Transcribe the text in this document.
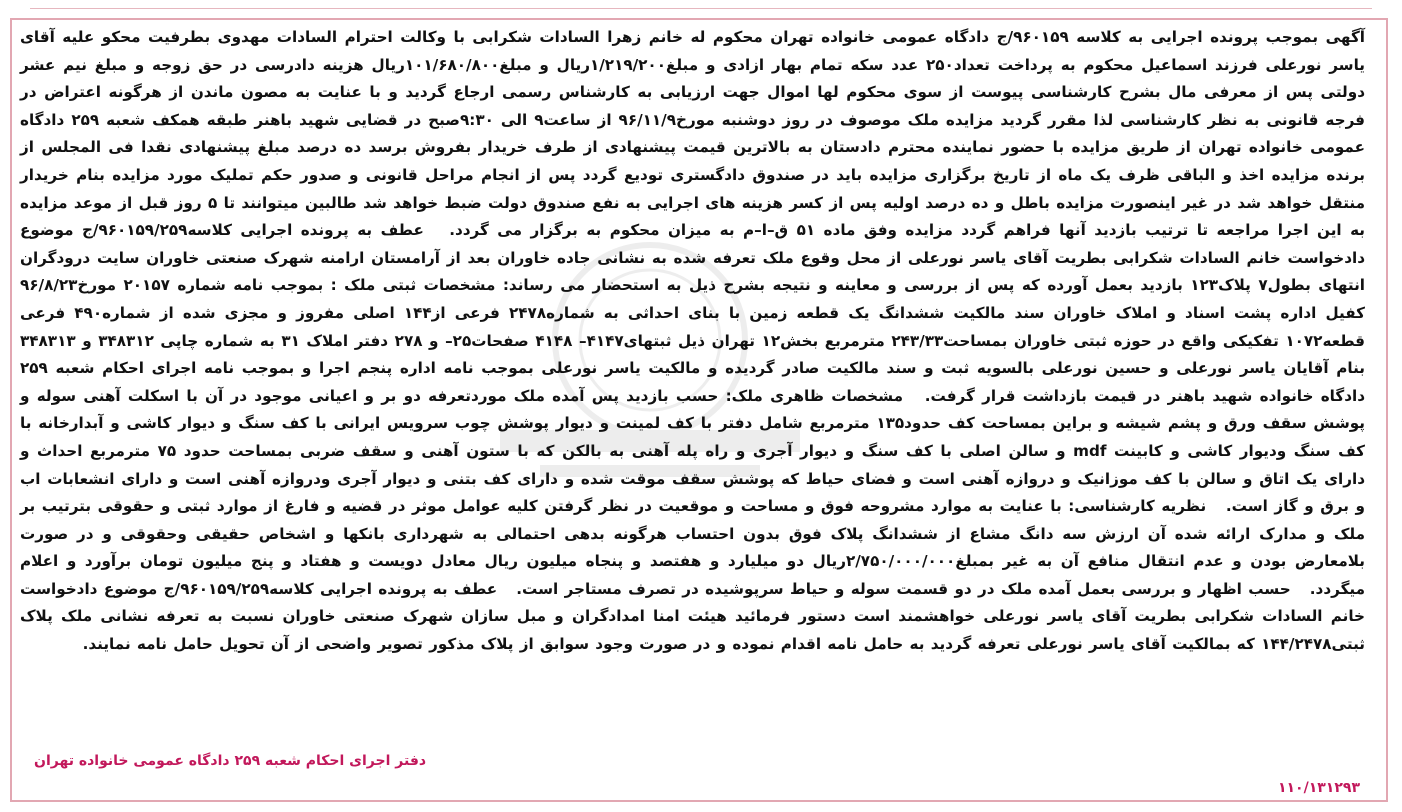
آگهی بموجب پرونده اجرایی به کلاسه ۹۶۰۱۵۹/ج دادگاه عمومی خانواده تهران محکوم له خانم زهرا السادات شکرابی با وکالت احترام السادات مهدوی بطرفیت محکو علیه آقای یاسر نورعلی فرزند اسماعیل محکوم به پرداخت تعداد۲۵۰ عدد سکه تمام بهار ازادی و مبلغ۱/۲۱۹/۲۰۰ریال و مبلغ۱۰۱/۶۸۰/۸۰۰ریال هزینه دادرسی در حق زوجه و مبلغ نیم عشر دولتی پس از معرفی مال بشرح کارشناسی پیوست از سوی محکوم لها اموال جهت ارزیابی به کارشناس رسمی ارجاع گردید و با عنایت به مصون ماندن از هرگونه اعتراض در فرجه قانونی به نظر کارشناسی لذا مقرر گردید مزایده ملک موصوف در روز دوشنبه مورخ۹۶/۱۱/۹ از ساعت۹ الی ۹:۳۰صبح در قضایی شهید باهنر طبقه همکف شعبه ۲۵۹ دادگاه عمومی خانواده تهران از طریق مزایده با حضور نماینده محترم دادستان به بالاترین قیمت پیشنهادی از طرف خریدار بفروش برسد ده درصد مبلغ پیشنهادی نقدا فی المجلس از برنده مزایده اخذ و الباقی ظرف یک ماه از تاریخ برگزاری مزایده باید در صندوق دادگستری تودیع گردد پس از انجام مراحل قانونی و صدور حکم تملیک مورد مزایده بنام خریدار منتقل خواهد شد در غیر اینصورت مزایده باطل و ده درصد اولیه پس از کسر هزینه های اجرایی به نفع صندوق دولت ضبط خواهد شد طالبین میتوانند تا ۵ روز قبل از موعد مزایده به این اجرا مراجعه تا ترتیب بازدید آنها فراهم گردد مزایده وفق ماده ۵۱ ق–ا–م به میزان محکوم به برگزار می گردد.   عطف به پرونده اجرایی کلاسه۹۶۰۱۵۹/۲۵۹/ج موضوع دادخواست خانم السادات شکرابی بطریت آقای یاسر نورعلی از محل وقوع ملک تعرفه شده به نشانی جاده خاوران بعد از آرامستان ارامنه شهرک صنعتی خاوران سایت درودگران انتهای بطول۷ پلاک۱۲۳ بازدید بعمل آورده که پس از بررسی و معاینه و نتیجه بشرح ذیل به استحضار می رساند: مشخصات ثبتی ملک : بموجب نامه شماره ۲۰۱۵۷ مورخ۹۶/۸/۲۳ کفیل اداره پشت اسناد و املاک خاوران سند مالکیت ششدانگ یک قطعه زمین با بنای احداثی به شماره۲۴۷۸ فرعی از۱۴۴ اصلی مفروز و مجزی شده از شماره۴۹۰ فرعی قطعه۱۰۷۲ تفکیکی واقع در حوزه ثبتی خاوران بمساحت۲۴۳/۳۳ مترمربع بخش۱۲ تهران ذیل ثبتهای۴۱۴۷– ۴۱۴۸ صفحات۲۵– و ۲۷۸ دفتر املاک ۳۱ به شماره چاپی ۳۴۸۳۱۲ و ۳۴۸۳۱۳ بنام آقایان یاسر نورعلی و حسین نورعلی بالسویه ثبت و سند مالکیت صادر گردیده و مالکیت یاسر نورعلی بموجب نامه اداره پنجم اجرا و بموجب نامه اجرای احکام شعبه ۲۵۹ دادگاه خانواده شهید باهنر در قیمت بازداشت قرار گرفت.   مشخصات ظاهری ملک: حسب بازدید پس آمده ملک موردتعرفه دو بر و اعیانی موجود در آن با اسکلت آهنی سوله و پوشش سقف ورق و پشم شیشه و براین بمساحت کف حدود۱۳۵ مترمربع شامل دفتر با کف لمینت و دیوار پوشش چوب سرویس ایرانی با کف سنگ و دیوار کاشی و آبدارخانه با کف سنگ ودیوار کاشی و کابینت mdf و سالن اصلی با کف سنگ و دیوار آجری و راه پله آهنی به بالکن که با ستون آهنی و سقف ضربی بمساحت حدود ۷۵ مترمربع احداث و دارای یک اتاق و سالن با کف موزانیک و دروازه آهنی است و فضای حیاط که پوشش سقف موقت شده و دارای کف بتنی و دیوار آجری ودروازه آهنی است و دارای انشعابات اب و برق و گاز است.   نظریه کارشناسی: با عنایت به موارد مشروحه فوق و مساحت و موقعیت در نظر گرفتن کلیه عوامل موثر در قضیه و فارغ از موارد ثبتی و حقوقی بترتیب بر ملک و مدارک ارائه شده آن ارزش سه دانگ مشاع از ششدانگ پلاک فوق بدون احتساب هرگونه بدهی احتمالی به شهرداری بانکها و اشخاص حقیقی وحقوقی و در صورت بلامعارض بودن و عدم انتقال منافع آن به غیر بمبلغ۲/۷۵۰/۰۰۰/۰۰۰ریال دو میلیارد و هفتصد و پنجاه میلیون ریال معادل دویست و هفتاد و پنج میلیون تومان برآورد و اعلام میگردد.   حسب اظهار و بررسی بعمل آمده ملک در دو قسمت سوله و حیاط سرپوشیده در تصرف مستاجر است.   عطف به پرونده اجرایی کلاسه۹۶۰۱۵۹/۲۵۹/ج موضوع دادخواست خانم السادات شکرابی بطریت آقای یاسر نورعلی خواهشمند است دستور فرمائید هیئت امنا امدادگران و مبل سازان شهرک صنعتی خاوران نسبت به تعرفه نشانی ملک پلاک ثبتی۱۴۴/۲۴۷۸ که بمالکیت آقای یاسر نورعلی تعرفه گردید به حامل نامه اقدام نموده و در صورت وجود سوابق از پلاک مذکور تصویر واضحی از آن تحویل حامل نامه نمایند.

دفتر اجرای احکام شعبه ۲۵۹ دادگاه عمومی خانواده تهران
۱۱۰/۱۳۱۲۹۳
